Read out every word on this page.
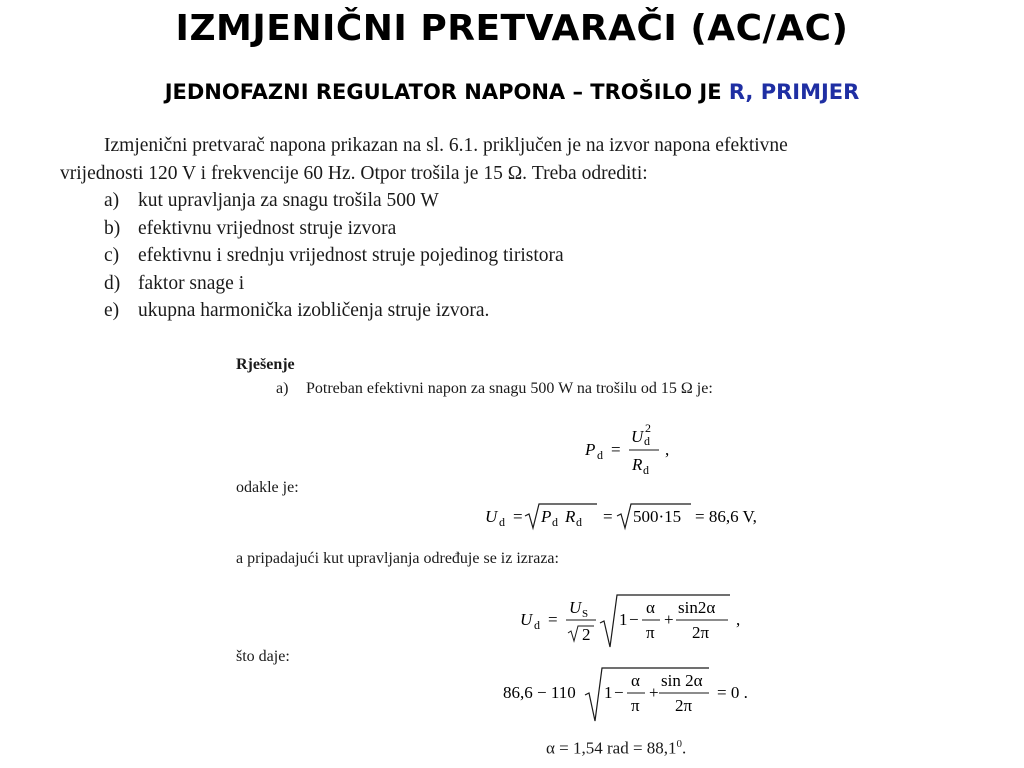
IZMJENIČNI PRETVARAČI (AC/AC)
JEDNOFAZNI REGULATOR NAPONA – TROŠILO JE R, PRIMJER
Izmjenični pretvarač napona prikazan na sl. 6.1. priključen je na izvor napona efektivne
vrijednosti 120 V i frekvencije 60 Hz. Otpor trošila je 15 Ω. Treba odrediti:
a) kut upravljanja za snagu trošila 500 W
b) efektivnu vrijednost struje izvora
c) efektivnu i srednju vrijednost struje pojedinog tiristora
d) faktor snage i
e) ukupna harmonička izobličenja struje izvora.
Rješenje
a) Potreban efektivni napon za snagu 500 W na trošilu od 15 Ω je:
P d =
U d
2
R d
,
odakle je:
U d = P d R d = 500·15 = 86,6 V,
a pripadajući kut upravljanja određuje se iz izraza:
U d =
U S
2
1 −
α
π
+
sin2α
2π
,
što daje:
86,6 − 110 1 −
α
π
+
sin 2α
2π
= 0 .
α = 1,54 rad = $88,1^0$.
